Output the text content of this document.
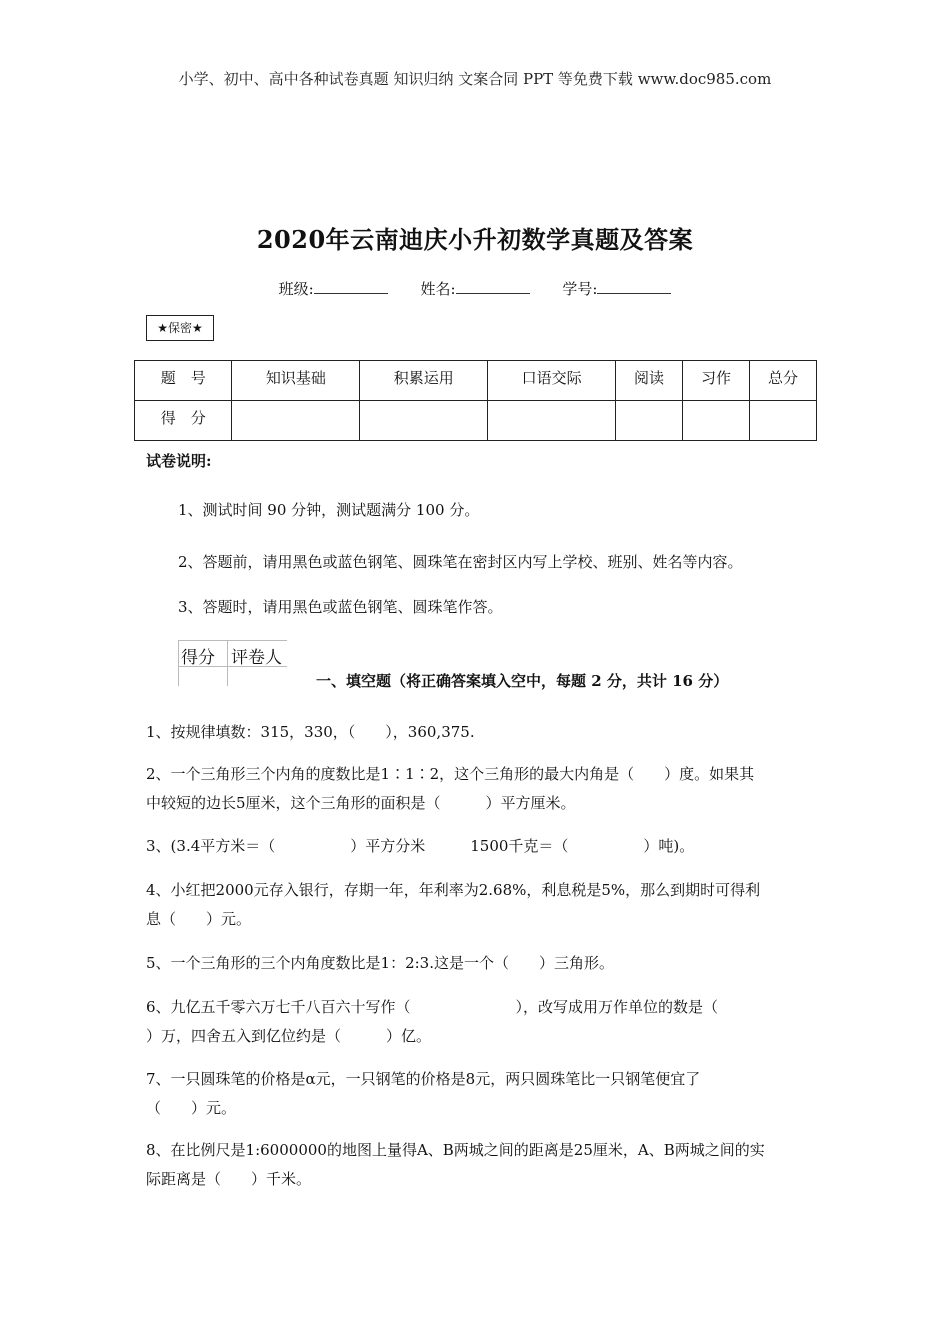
小学、初中、高中各种试卷真题 知识归纳 文案合同 PPT 等免费下载 www.doc985.com
2020年云南迪庆小升初数学真题及答案
班级:	姓名:	学号:
★保密★
题　号	知识基础	积累运用	口语交际	阅读	习作	总分
得　分						
试卷说明:
1、测试时间 90 分钟，测试题满分 100 分。
2、答题前，请用黑色或蓝色钢笔、圆珠笔在密封区内写上学校、班别、姓名等内容。
3、答题时，请用黑色或蓝色钢笔、圆珠笔作答。
得分 评卷人
一、填空题（将正确答案填入空中，每题 2 分，共计 16 分）
1、按规律填数：315，330，（　　），360,375.
2、一个三角形三个内角的度数比是1∶1∶2，这个三角形的最大内角是（　　）度。如果其
中较短的边长5厘米，这个三角形的面积是（　　　）平方厘米。
3、(3.4平方米＝（　　　　　）平方分米　　　1500千克＝（　　　　　）吨)。
4、小红把2000元存入银行，存期一年，年利率为2.68%，利息税是5%，那么到期时可得利
息（　　）元。
5、一个三角形的三个内角度数比是1：2:3.这是一个（　　）三角形。
6、九亿五千零六万七千八百六十写作（　　　　　　　），改写成用万作单位的数是（
）万，四舍五入到亿位约是（　　　）亿。
7、一只圆珠笔的价格是α元，一只钢笔的价格是8元，两只圆珠笔比一只钢笔便宜了
（　　）元。
8、在比例尺是1:6000000的地图上量得A、B两城之间的距离是25厘米，A、B两城之间的实
际距离是（　　）千米。
